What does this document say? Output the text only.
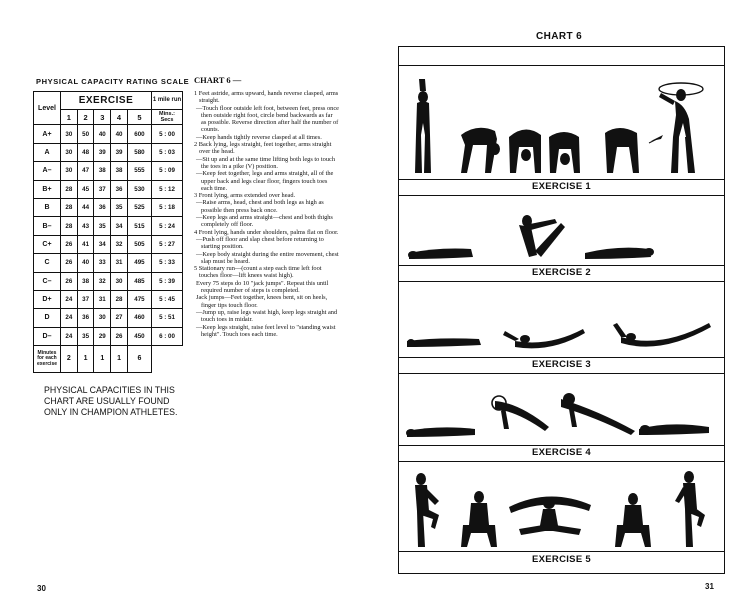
PHYSICAL CAPACITY RATING SCALE
Level	EXERCISE					1 mile run
	1	2	3	4	5	Mins.: Secs
A+	30	50	40	40	600	5 : 00
A	30	48	39	39	580	5 : 03
A–	30	47	38	38	555	5 : 09
B+	28	45	37	36	530	5 : 12
B	28	44	36	35	525	5 : 18
B–	28	43	35	34	515	5 : 24
C+	26	41	34	32	505	5 : 27
C	26	40	33	31	495	5 : 33
C–	26	38	32	30	485	5 : 39
D+	24	37	31	28	475	5 : 45
D	24	36	30	27	460	5 : 51
D–	24	35	29	26	450	6 : 00
Minutes for each exercise	2	1	1	1	6	
PHYSICAL CAPACITIES IN THIS CHART ARE USUALLY FOUND ONLY IN CHAMPION ATHLETES.
30
CHART 6 —

1 Feet astride, arms upward, hands reverse clasped, arms straight.

—Touch floor outside left foot, between feet, press once then outside right foot, circle bend backwards as far as possible. Reverse direction after half the number of counts.

—Keep hands tightly reverse clasped at all times.

2 Back lying, legs straight, feet together, arms straight over the head.

—Sit up and at the same time lifting both legs to touch the toes in a pike (V) position.

—Keep feet together, legs and arms straight, all of the upper back and legs clear floor, fingers touch toes each time.

3 Front lying, arms extended over head.

—Raise arms, head, chest and both legs as high as possible then press back once.

—Keep legs and arms straight—chest and both thighs completely off floor.

4 Front lying, hands under shoulders, palms flat on floor.

—Push off floor and slap chest before returning to starting position.

—Keep body straight during the entire movement, chest slap must be heard.

5 Stationary run—(count a step each time left foot touches floor—lift knees waist high).

Every 75 steps do 10 "jack jumps". Repeat this until required number of steps is completed.

Jack jumps—Feet together, knees bent, sit on heels, finger tips touch floor.

—Jump up, raise legs waist high, keep legs straight and touch toes in midair.

—Keep legs straight, raise feet level to "standing waist height". Touch toes each time.

CHART 6
EXERCISE 1
EXERCISE 2
EXERCISE 3
EXERCISE 4
EXERCISE 5
31
